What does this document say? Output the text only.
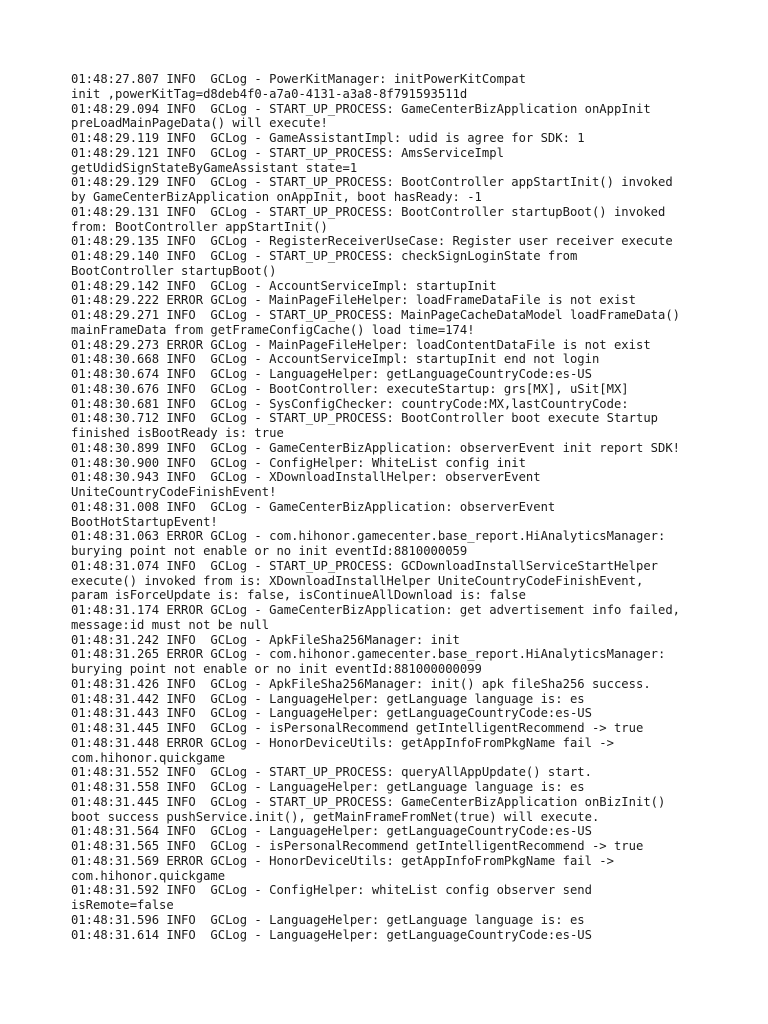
01:48:27.807 INFO  GCLog - PowerKitManager: initPowerKitCompat
init ,powerKitTag=d8deb4f0-a7a0-4131-a3a8-8f791593511d
01:48:29.094 INFO  GCLog - START_UP_PROCESS: GameCenterBizApplication onAppInit
preLoadMainPageData() will execute!
01:48:29.119 INFO  GCLog - GameAssistantImpl: udid is agree for SDK: 1
01:48:29.121 INFO  GCLog - START_UP_PROCESS: AmsServiceImpl
getUdidSignStateByGameAssistant state=1
01:48:29.129 INFO  GCLog - START_UP_PROCESS: BootController appStartInit() invoked
by GameCenterBizApplication onAppInit, boot hasReady: -1
01:48:29.131 INFO  GCLog - START_UP_PROCESS: BootController startupBoot() invoked
from: BootController appStartInit()
01:48:29.135 INFO  GCLog - RegisterReceiverUseCase: Register user receiver execute
01:48:29.140 INFO  GCLog - START_UP_PROCESS: checkSignLoginState from
BootController startupBoot()
01:48:29.142 INFO  GCLog - AccountServiceImpl: startupInit
01:48:29.222 ERROR GCLog - MainPageFileHelper: loadFrameDataFile is not exist
01:48:29.271 INFO  GCLog - START_UP_PROCESS: MainPageCacheDataModel loadFrameData()
mainFrameData from getFrameConfigCache() load time=174!
01:48:29.273 ERROR GCLog - MainPageFileHelper: loadContentDataFile is not exist
01:48:30.668 INFO  GCLog - AccountServiceImpl: startupInit end not login
01:48:30.674 INFO  GCLog - LanguageHelper: getLanguageCountryCode:es-US
01:48:30.676 INFO  GCLog - BootController: executeStartup: grs[MX], uSit[MX]
01:48:30.681 INFO  GCLog - SysConfigChecker: countryCode:MX,lastCountryCode:
01:48:30.712 INFO  GCLog - START_UP_PROCESS: BootController boot execute Startup
finished isBootReady is: true
01:48:30.899 INFO  GCLog - GameCenterBizApplication: observerEvent init report SDK!
01:48:30.900 INFO  GCLog - ConfigHelper: WhiteList config init
01:48:30.943 INFO  GCLog - XDownloadInstallHelper: observerEvent
UniteCountryCodeFinishEvent!
01:48:31.008 INFO  GCLog - GameCenterBizApplication: observerEvent
BootHotStartupEvent!
01:48:31.063 ERROR GCLog - com.hihonor.gamecenter.base_report.HiAnalyticsManager:
burying point not enable or no init eventId:8810000059
01:48:31.074 INFO  GCLog - START_UP_PROCESS: GCDownloadInstallServiceStartHelper
execute() invoked from is: XDownloadInstallHelper UniteCountryCodeFinishEvent,
param isForceUpdate is: false, isContinueAllDownload is: false
01:48:31.174 ERROR GCLog - GameCenterBizApplication: get advertisement info failed,
message:id must not be null
01:48:31.242 INFO  GCLog - ApkFileSha256Manager: init
01:48:31.265 ERROR GCLog - com.hihonor.gamecenter.base_report.HiAnalyticsManager:
burying point not enable or no init eventId:881000000099
01:48:31.426 INFO  GCLog - ApkFileSha256Manager: init() apk fileSha256 success.
01:48:31.442 INFO  GCLog - LanguageHelper: getLanguage language is: es
01:48:31.443 INFO  GCLog - LanguageHelper: getLanguageCountryCode:es-US
01:48:31.445 INFO  GCLog - isPersonalRecommend getIntelligentRecommend -> true
01:48:31.448 ERROR GCLog - HonorDeviceUtils: getAppInfoFromPkgName fail ->
com.hihonor.quickgame
01:48:31.552 INFO  GCLog - START_UP_PROCESS: queryAllAppUpdate() start.
01:48:31.558 INFO  GCLog - LanguageHelper: getLanguage language is: es
01:48:31.445 INFO  GCLog - START_UP_PROCESS: GameCenterBizApplication onBizInit()
boot success pushService.init(), getMainFrameFromNet(true) will execute.
01:48:31.564 INFO  GCLog - LanguageHelper: getLanguageCountryCode:es-US
01:48:31.565 INFO  GCLog - isPersonalRecommend getIntelligentRecommend -> true
01:48:31.569 ERROR GCLog - HonorDeviceUtils: getAppInfoFromPkgName fail ->
com.hihonor.quickgame
01:48:31.592 INFO  GCLog - ConfigHelper: whiteList config observer send
isRemote=false
01:48:31.596 INFO  GCLog - LanguageHelper: getLanguage language is: es
01:48:31.614 INFO  GCLog - LanguageHelper: getLanguageCountryCode:es-US
